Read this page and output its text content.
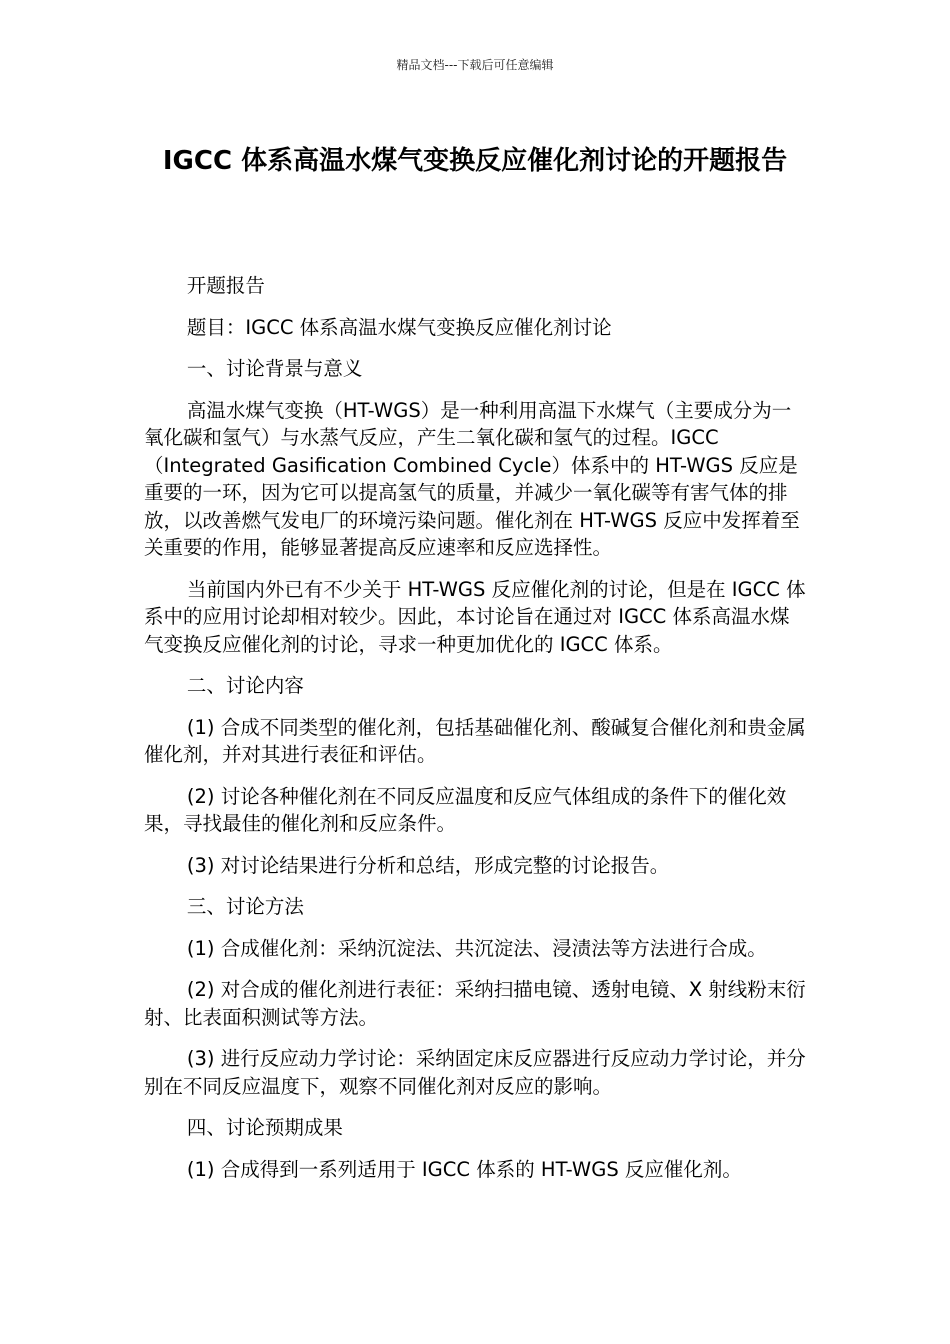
精品文档---下载后可任意编辑
IGCC 体系高温水煤气变换反应催化剂讨论的开题报告

开题报告

题目：IGCC 体系高温水煤气变换反应催化剂讨论

一、讨论背景与意义

高温水煤气变换（HT-WGS）是一种利用高温下水煤气（主要成分为一氧化碳和氢气）与水蒸气反应，产生二氧化碳和氢气的过程。IGCC（Integrated Gasification Combined Cycle）体系中的 HT-WGS 反应是重要的一环，因为它可以提高氢气的质量，并减少一氧化碳等有害气体的排放，以改善燃气发电厂的环境污染问题。催化剂在 HT-WGS 反应中发挥着至关重要的作用，能够显著提高反应速率和反应选择性。

当前国内外已有不少关于 HT-WGS 反应催化剂的讨论，但是在 IGCC 体系中的应用讨论却相对较少。因此，本讨论旨在通过对 IGCC 体系高温水煤气变换反应催化剂的讨论，寻求一种更加优化的 IGCC 体系。

二、讨论内容

(1) 合成不同类型的催化剂，包括基础催化剂、酸碱复合催化剂和贵金属催化剂，并对其进行表征和评估。

(2) 讨论各种催化剂在不同反应温度和反应气体组成的条件下的催化效果，寻找最佳的催化剂和反应条件。

(3) 对讨论结果进行分析和总结，形成完整的讨论报告。

三、讨论方法

(1) 合成催化剂：采纳沉淀法、共沉淀法、浸渍法等方法进行合成。

(2) 对合成的催化剂进行表征：采纳扫描电镜、透射电镜、X 射线粉末衍射、比表面积测试等方法。

(3) 进行反应动力学讨论：采纳固定床反应器进行反应动力学讨论，并分别在不同反应温度下，观察不同催化剂对反应的影响。

四、讨论预期成果

(1) 合成得到一系列适用于 IGCC 体系的 HT-WGS 反应催化剂。
